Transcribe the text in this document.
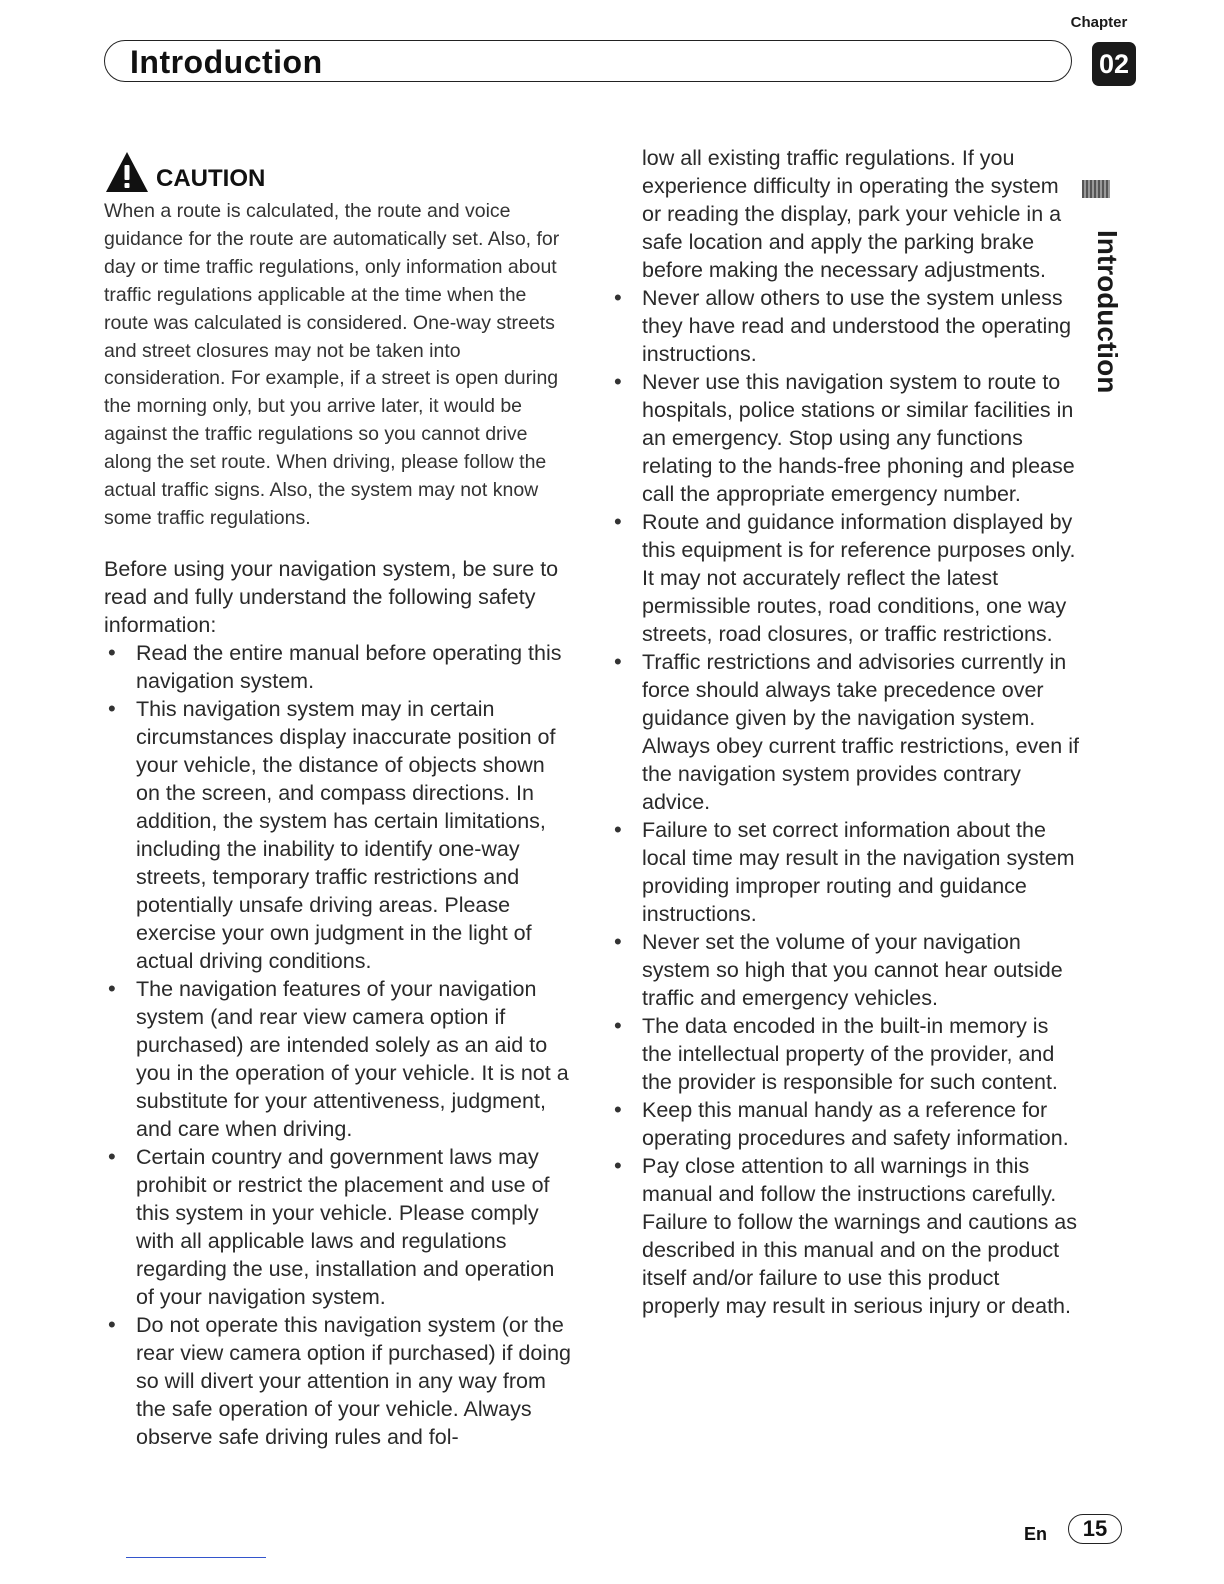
Chapter
02
Introduction
Introduction
CAUTION

When a route is calculated, the route and voice guidance for the route are automatically set. Also, for day or time traffic regulations, only information about traffic regulations applicable at the time when the route was calculated is considered. One-way streets and street closures may not be taken into consideration. For example, if a street is open during the morning only, but you arrive later, it would be against the traffic regulations so you cannot drive along the set route. When driving, please follow the actual traffic signs. Also, the system may not know some traffic regulations.

Before using your navigation system, be sure to read and fully understand the following safety information:

• Read the entire manual before operating this navigation system.
• This navigation system may in certain circumstances display inaccurate position of your vehicle, the distance of objects shown on the screen, and compass directions. In addition, the system has certain limitations, including the inability to identify one-way streets, temporary traffic restrictions and potentially unsafe driving areas. Please exercise your own judgment in the light of actual driving conditions.
• The navigation features of your navigation system (and rear view camera option if purchased) are intended solely as an aid to you in the operation of your vehicle. It is not a substitute for your attentiveness, judgment, and care when driving.
• Certain country and government laws may prohibit or restrict the placement and use of this system in your vehicle. Please comply with all applicable laws and regulations regarding the use, installation and operation of your navigation system.
• Do not operate this navigation system (or the rear view camera option if purchased) if doing so will divert your attention in any way from the safe operation of your vehicle. Always observe safe driving rules and fol-

low all existing traffic regulations. If you experience difficulty in operating the system or reading the display, park your vehicle in a safe location and apply the parking brake before making the necessary adjustments.

• Never allow others to use the system unless they have read and understood the operating instructions.
• Never use this navigation system to route to hospitals, police stations or similar facilities in an emergency. Stop using any functions relating to the hands-free phoning and please call the appropriate emergency number.
• Route and guidance information displayed by this equipment is for reference purposes only. It may not accurately reflect the latest permissible routes, road conditions, one way streets, road closures, or traffic restrictions.
• Traffic restrictions and advisories currently in force should always take precedence over guidance given by the navigation system. Always obey current traffic restrictions, even if the navigation system provides contrary advice.
• Failure to set correct information about the local time may result in the navigation system providing improper routing and guidance instructions.
• Never set the volume of your navigation system so high that you cannot hear outside traffic and emergency vehicles.
• The data encoded in the built-in memory is the intellectual property of the provider, and the provider is responsible for such content.
• Keep this manual handy as a reference for operating procedures and safety information.
• Pay close attention to all warnings in this manual and follow the instructions carefully.

Failure to follow the warnings and cautions as described in this manual and on the product itself and/or failure to use this product properly may result in serious injury or death.

En	15
